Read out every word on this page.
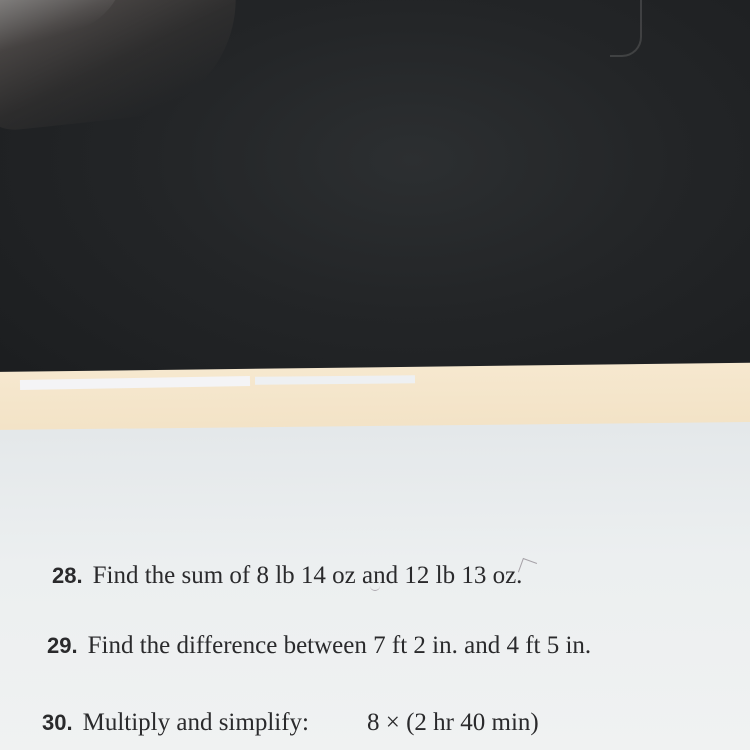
28. Find the sum of 8 lb 14 oz and 12 lb 13 oz.
29. Find the difference between 7 ft 2 in. and 4 ft 5 in.
30. Multiply and simplify: 8 × (2 hr 40 min)
